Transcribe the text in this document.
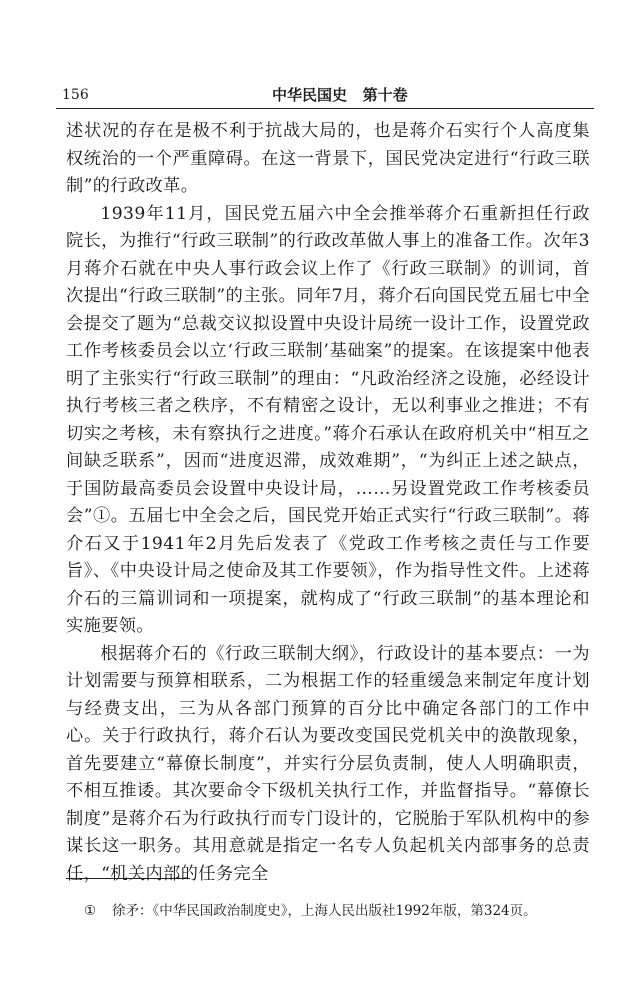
156	中华民国史   第十卷

述状况的存在是极不利于抗战大局的，也是蒋介石实行个人高度集权统治的一个严重障碍。在这一背景下，国民党决定进行“行政三联制”的行政改革。

1939年11月，国民党五届六中全会推举蒋介石重新担任行政院长，为推行“行政三联制”的行政改革做人事上的准备工作。次年3月蒋介石就在中央人事行政会议上作了《行政三联制》的训词，首次提出“行政三联制”的主张。同年7月，蒋介石向国民党五届七中全会提交了题为“总裁交议拟设置中央设计局统一设计工作，设置党政工作考核委员会以立‘行政三联制’基础案”的提案。在该提案中他表明了主张实行“行政三联制”的理由：“凡政治经济之设施，必经设计执行考核三者之秩序，不有精密之设计，无以利事业之推进；不有切实之考核，未有察执行之进度。”蒋介石承认在政府机关中“相互之间缺乏联系”，因而“进度迟滞，成效难期”，“为纠正上述之缺点，于国防最高委员会设置中央设计局，……另设置党政工作考核委员会”①。五届七中全会之后，国民党开始正式实行“行政三联制”。蒋介石又于1941年2月先后发表了《党政工作考核之责任与工作要旨》、《中央设计局之使命及其工作要领》，作为指导性文件。上述蒋介石的三篇训词和一项提案，就构成了“行政三联制”的基本理论和实施要领。

根据蒋介石的《行政三联制大纲》，行政设计的基本要点：一为计划需要与预算相联系，二为根据工作的轻重缓急来制定年度计划与经费支出，三为从各部门预算的百分比中确定各部门的工作中心。关于行政执行，蒋介石认为要改变国民党机关中的涣散现象，首先要建立“幕僚长制度”，并实行分层负责制，使人人明确职责，不相互推诿。其次要命令下级机关执行工作，并监督指导。“幕僚长制度”是蒋介石为行政执行而专门设计的，它脱胎于军队机构中的参谋长这一职务。其用意就是指定一名专人负起机关内部事务的总责任，“机关内部的任务完全

① 徐矛：《中华民国政治制度史》，上海人民出版社1992年版，第324页。
